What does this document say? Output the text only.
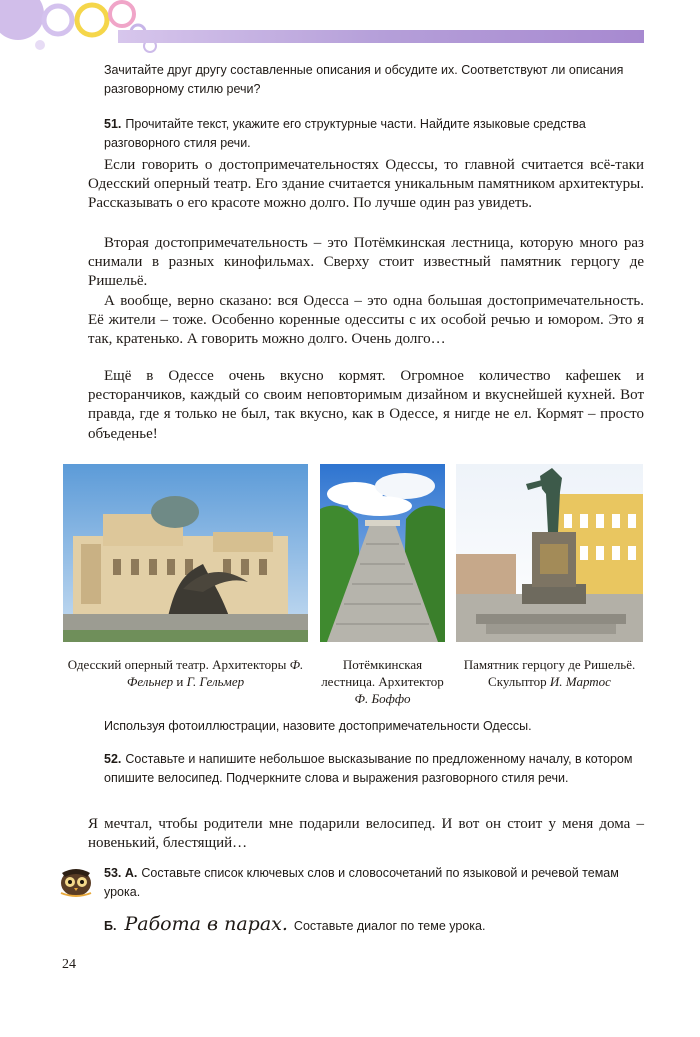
Зачитайте друг другу составленные описания и обсудите их. Соответствуют ли описания разговорному стилю речи?

51. Прочитайте текст, укажите его структурные части. Найдите языковые средства разговорного стиля речи.

Если говорить о достопримечательностях Одессы, то главной считается всё-таки Одесский оперный театр. Его здание считается уникальным памятником архитектуры. Рассказывать о его красоте можно долго. По лучше один раз увидеть.

Вторая достопримечательность – это Потёмкинская лестница, которую много раз снимали в разных кинофильмах. Сверху стоит известный памятник герцогу де Ришельё.

А вообще, верно сказано: вся Одесса – это одна большая достопримечательность. Её жители – тоже. Особенно коренные одесситы с их особой речью и юмором. Это я так, кратенько. А говорить можно долго. Очень долго…

Ещё в Одессе очень вкусно кормят. Огромное количество кафешек и ресторанчиков, каждый со своим неповторимым дизайном и вкуснейшей кухней. Вот правда, где я только не был, так вкусно, как в Одессе, я нигде не ел. Кормят – просто объеденье!

Одесский оперный театр. Архитекторы Ф. Фельнер и Г. Гельмер
Потёмкинская лестница. Архитектор Ф. Боффо
Памятник герцогу де Ришельё. Скульптор И. Мартос

Используя фотоиллюстрации, назовите достопримечательности Одессы.

52. Составьте и напишите небольшое высказывание по предложенному началу, в котором опишите велосипед. Подчеркните слова и выражения разговорного стиля речи.

Я мечтал, чтобы родители мне подарили велосипед. И вот он стоит у меня дома – новенький, блестящий…

53. А. Составьте список ключевых слов и словосочетаний по языковой и речевой темам урока.

Б. Работа в парах. Составьте диалог по теме урока.

24
